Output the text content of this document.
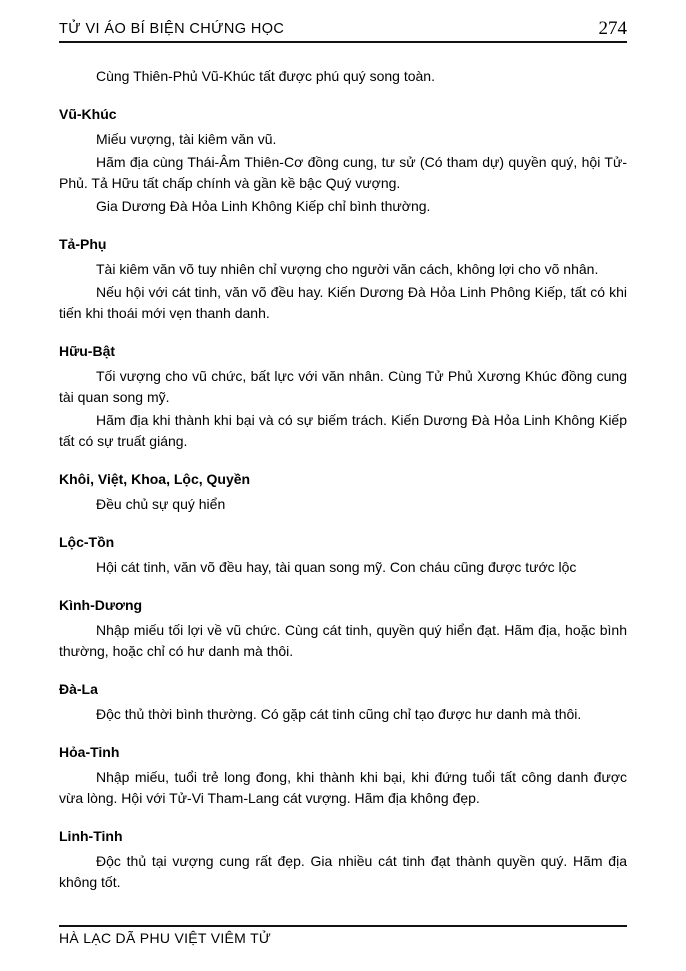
TỬ VI ÁO BÍ BIỆN CHỨNG HỌC	274

Cùng Thiên-Phủ Vũ-Khúc tất được phú quý song toàn.

Vũ-Khúc

Miếu vượng, tài kiêm văn vũ.

Hãm địa cùng Thái-Âm Thiên-Cơ đồng cung, tư sử (Có tham dự) quyền quý, hội Tử-Phủ. Tả Hữu tất chấp chính và gần kề bậc Quý vượng.

Gia Dương Đà Hỏa Linh Không Kiếp chỉ bình thường.

Tả-Phụ

Tài kiêm văn võ tuy nhiên chỉ vượng cho người văn cách, không lợi cho võ nhân.

Nếu hội với cát tinh, văn võ đều hay. Kiến Dương Đà Hỏa Linh Phông Kiếp, tất có khi tiến khi thoái mới vẹn thanh danh.

Hữu-Bật

Tối vượng cho vũ chức, bất lực với văn nhân. Cùng Tử Phủ Xương Khúc đồng cung tài quan song mỹ.

Hãm địa khi thành khi bại và có sự biếm trách. Kiến Dương Đà Hỏa Linh Không Kiếp tất có sự truất giáng.

Khôi, Việt, Khoa, Lộc, Quyền

Đều chủ sự quý hiển

Lộc-Tồn

Hội cát tinh, văn võ đều hay, tài quan song mỹ. Con cháu cũng được tước lộc

Kình-Dương

Nhập miếu tối lợi về vũ chức. Cùng cát tinh, quyền quý hiển đạt. Hãm địa, hoặc bình thường, hoặc chỉ có hư danh mà thôi.

Đà-La

Độc thủ thời bình thường. Có gặp cát tinh cũng chỉ tạo được hư danh mà thôi.

Hỏa-Tinh

Nhập miếu, tuổi trẻ long đong, khi thành khi bại, khi đứng tuổi tất công danh được vừa lòng. Hội với Tử-Vi Tham-Lang cát vượng. Hãm địa không đẹp.

Linh-Tinh

Độc thủ tại vượng cung rất đẹp. Gia nhiều cát tinh đạt thành quyền quý. Hãm địa không tốt.

HÀ LẠC DÃ PHU VIỆT VIÊM TỬ
